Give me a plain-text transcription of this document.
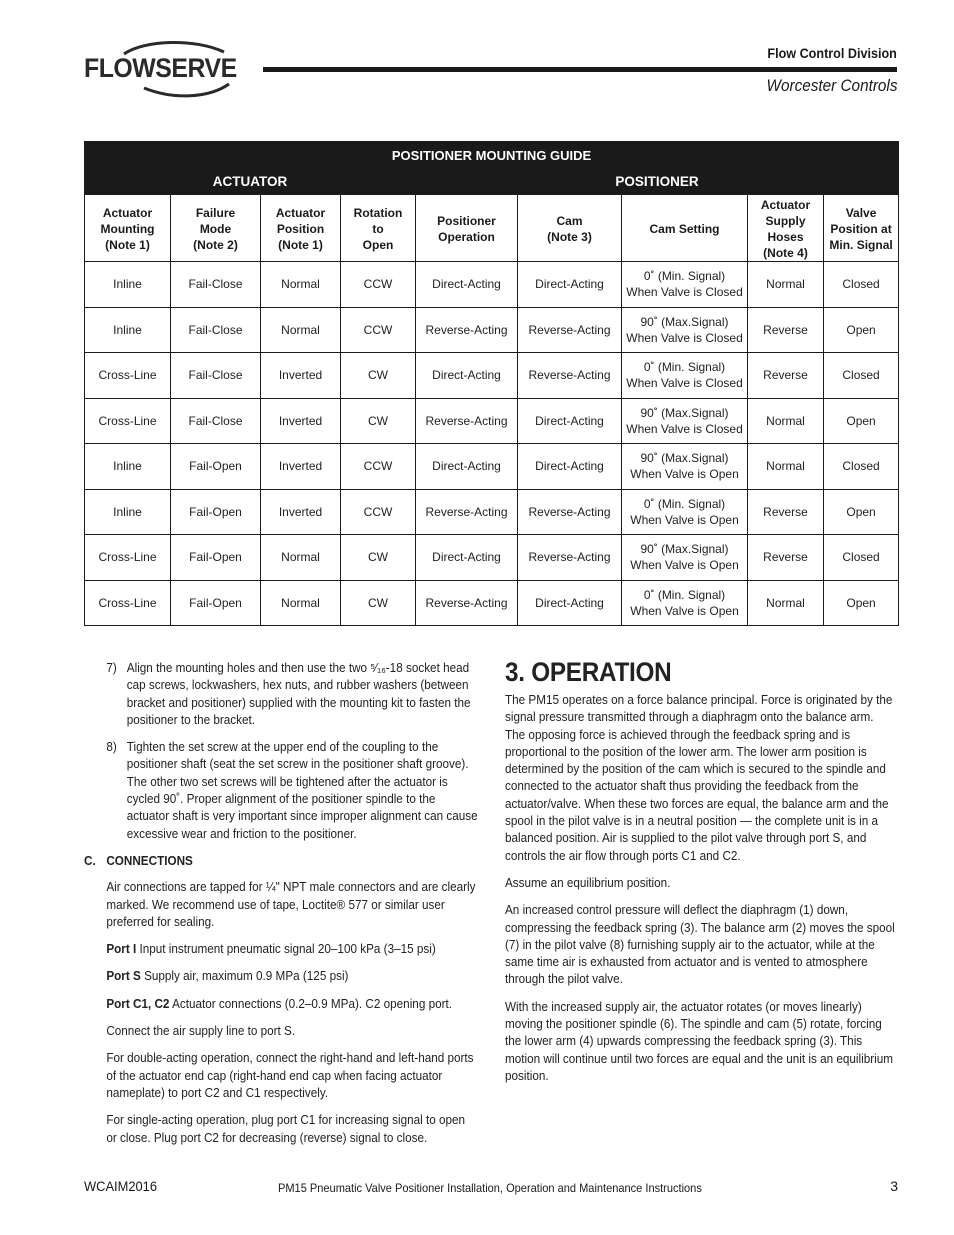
FLOWSERVE	Flow Control Division
Worcester Controls
POSITIONER MOUNTING GUIDE								
ACTUATOR				POSITIONER				
Actuator
Mounting
(Note 1)	Failure
Mode
(Note 2)	Actuator
Position
(Note 1)	Rotation
to
Open	Positioner
Operation	Cam
(Note 3)	Cam Setting	Actuator
Supply Hoses
(Note 4)	Valve
Position at
Min. Signal
Inline	Fail-Close	Normal	CCW	Direct-Acting	Direct-Acting	0˚ (Min. Signal)
When Valve is Closed	Normal	Closed
Inline	Fail-Close	Normal	CCW	Reverse-Acting	Reverse-Acting	90˚ (Max.Signal)
When Valve is Closed	Reverse	Open
Cross-Line	Fail-Close	Inverted	CW	Direct-Acting	Reverse-Acting	0˚ (Min. Signal)
When Valve is Closed	Reverse	Closed
Cross-Line	Fail-Close	Inverted	CW	Reverse-Acting	Direct-Acting	90˚ (Max.Signal)
When Valve is Closed	Normal	Open
Inline	Fail-Open	Inverted	CCW	Direct-Acting	Direct-Acting	90˚ (Max.Signal)
When Valve is Open	Normal	Closed
Inline	Fail-Open	Inverted	CCW	Reverse-Acting	Reverse-Acting	0˚ (Min. Signal)
When Valve is Open	Reverse	Open
Cross-Line	Fail-Open	Normal	CW	Direct-Acting	Reverse-Acting	90˚ (Max.Signal)
When Valve is Open	Reverse	Closed
Cross-Line	Fail-Open	Normal	CW	Reverse-Acting	Direct-Acting	0˚ (Min. Signal)
When Valve is Open	Normal	Open
7) Align the mounting holes and then use the two ⁵⁄₁₆-18 socket head cap screws, lockwashers, hex nuts, and rubber washers (between bracket and positioner) supplied with the mounting kit to fasten the positioner to the bracket.
8) Tighten the set screw at the upper end of the coupling to the positioner shaft (seat the set screw in the positioner shaft groove). The other two set screws will be tightened after the actuator is cycled 90˚. Proper alignment of the positioner spindle to the actuator shaft is very important since improper alignment can cause excessive wear and friction to the positioner.
C. CONNECTIONS

Air connections are tapped for ¼" NPT male connectors and are clearly marked. We recommend use of tape, Loctite® 577 or similar user preferred for sealing.

Port I Input instrument pneumatic signal 20–100 kPa (3–15 psi)

Port S Supply air, maximum 0.9 MPa (125 psi)

Port C1, C2 Actuator connections (0.2–0.9 MPa). C2 opening port.

Connect the air supply line to port S.

For double-acting operation, connect the right-hand and left-hand ports of the actuator end cap (right-hand end cap when facing actuator nameplate) to port C2 and C1 respectively.

For single-acting operation, plug port C1 for increasing signal to open or close. Plug port C2 for decreasing (reverse) signal to close.

3. OPERATION

The PM15 operates on a force balance principal. Force is originated by the signal pressure transmitted through a diaphragm onto the balance arm. The opposing force is achieved through the feedback spring and is proportional to the position of the lower arm. The lower arm position is determined by the position of the cam which is secured to the spindle and connected to the actuator shaft thus providing the feedback from the actuator/valve. When these two forces are equal, the balance arm and the spool in the pilot valve is in a neutral position — the complete unit is in a balanced position. Air is supplied to the pilot valve through port S, and controls the air flow through ports C1 and C2.

Assume an equilibrium position.

An increased control pressure will deflect the diaphragm (1) down, compressing the feedback spring (3). The balance arm (2) moves the spool (7) in the pilot valve (8) furnishing supply air to the actuator, while at the same time air is exhausted from actuator and is vented to atmosphere through the pilot valve.

With the increased supply air, the actuator rotates (or moves linearly) moving the positioner spindle (6). The spindle and cam (5) rotate, forcing the lower arm (4) upwards compressing the feedback spring (3). This motion will continue until two forces are equal and the unit is an equilibrium position.

WCAIM2016	PM15 Pneumatic Valve Positioner Installation, Operation and Maintenance Instructions	3
